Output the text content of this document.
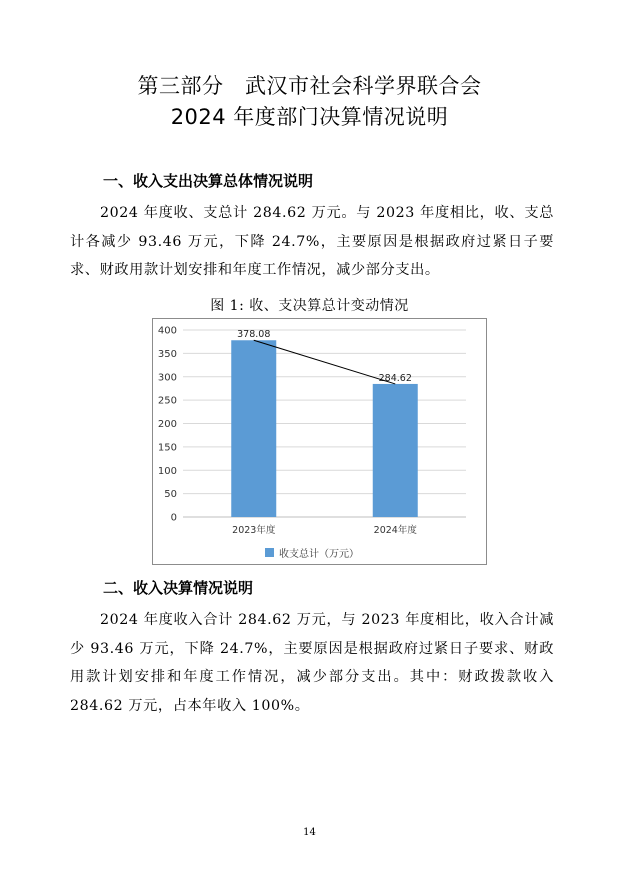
第三部分　武汉市社会科学界联合会
2024 年度部门决算情况说明
一、收入支出决算总体情况说明
2024 年度收、支总计 284.62 万元。与 2023 年度相比，收、支总计各减少 93.46 万元，下降 24.7%，主要原因是根据政府过紧日子要求、财政用款计划安排和年度工作情况，减少部分支出。
图 1: 收、支决算总计变动情况
0
50
100
150
200
250
300
350
400	378.08
2023年度
284.62
2024年度
收支总计（万元）
二、收入决算情况说明
2024 年度收入合计 284.62 万元，与 2023 年度相比，收入合计减少 93.46 万元，下降 24.7%，主要原因是根据政府过紧日子要求、财政用款计划安排和年度工作情况，减少部分支出。其中：财政拨款收入 284.62 万元，占本年收入 100%。
14
